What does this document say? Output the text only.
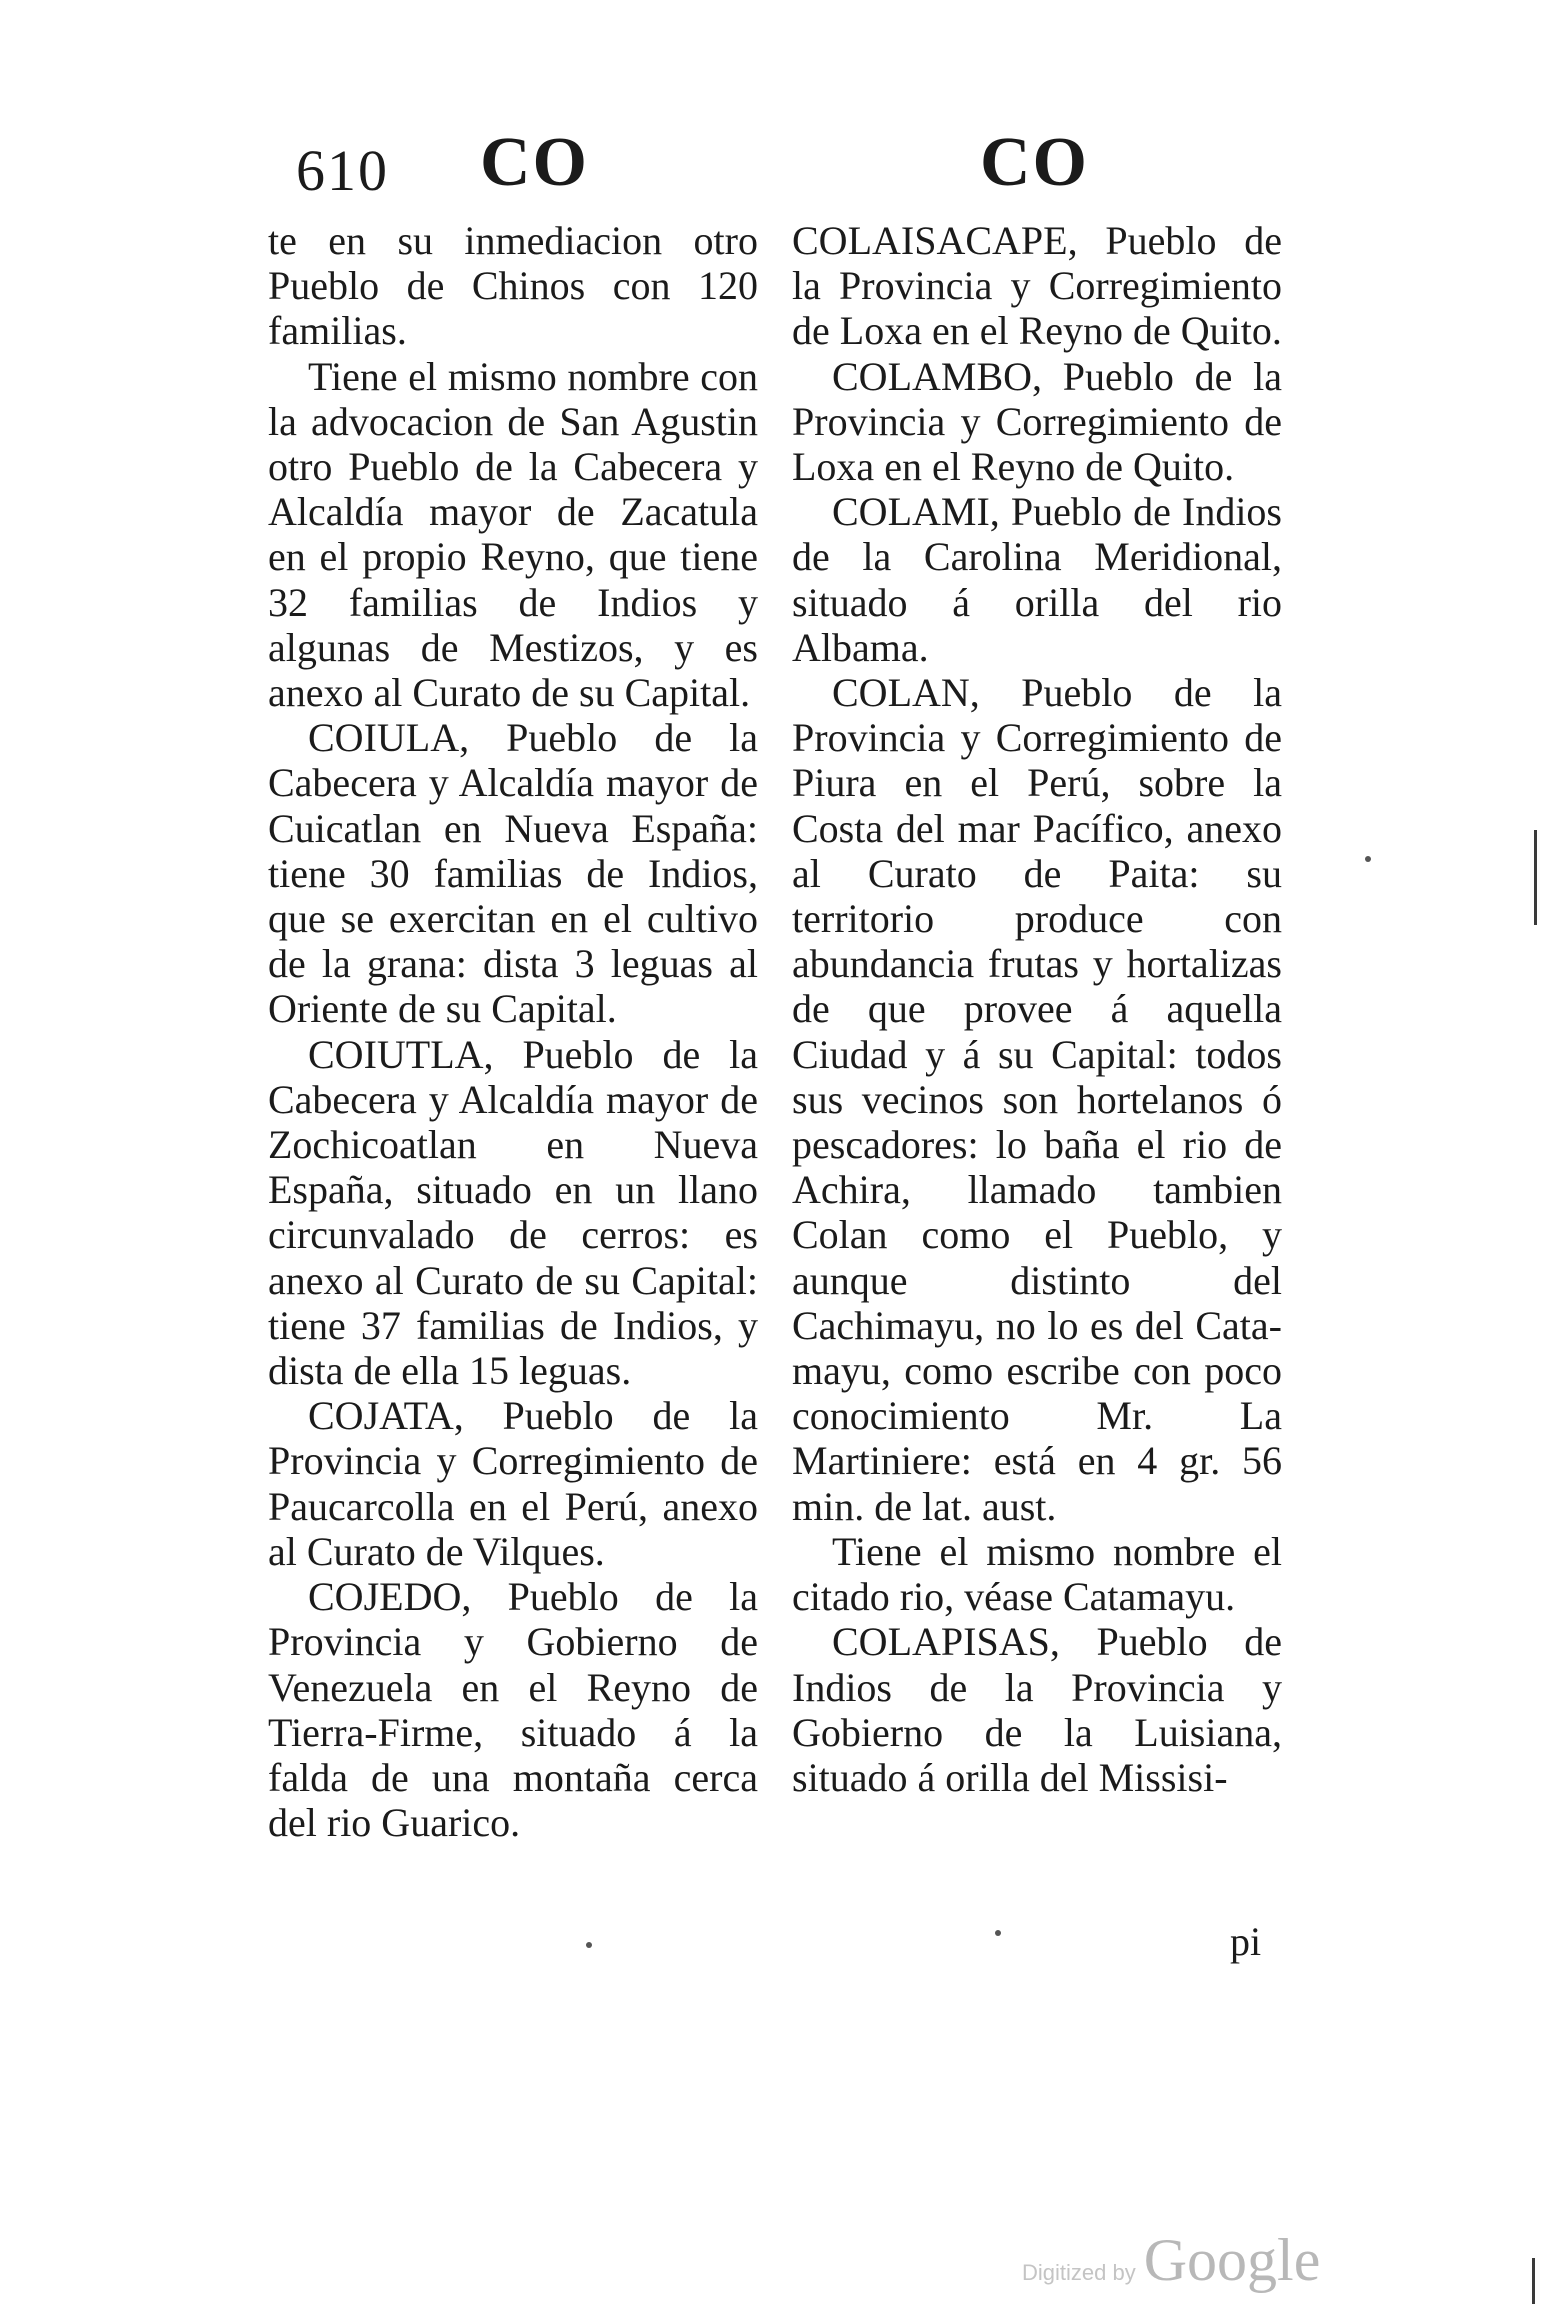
610 CO	CO

te en su inmediacion otro Pueblo de Chinos con 120 familias.

Tiene el mismo nombre con la advocacion de San Agustin otro Pueblo de la Cabecera y Alcaldía mayor de Zacatula en el propio Reyno, que tiene 32 familias de Indios y algunas de Mestizos, y es anexo al Curato de su Capital.

COIULA, Pueblo de la Cabecera y Alcaldía mayor de Cuicatlan en Nueva España: tiene 30 familias de Indios, que se exercitan en el cultivo de la grana: dista 3 leguas al Oriente de su Capital.

COIUTLA, Pueblo de la Cabecera y Alcaldía mayor de Zochicoatlan en Nueva España, situado en un llano circunvalado de cerros: es anexo al Curato de su Capital: tiene 37 familias de Indios, y dista de ella 15 leguas.

COJATA, Pueblo de la Provincia y Corregimiento de Paucarcolla en el Perú, anexo al Curato de Vilques.

COJEDO, Pueblo de la Provincia y Gobierno de Venezuela en el Reyno de Tierra-Firme, situado á la falda de una montaña cerca del rio Guarico.

COLAISACAPE, Pueblo de la Provincia y Corregimiento de Loxa en el Reyno de Quito.

COLAMBO, Pueblo de la Provincia y Corregimiento de Loxa en el Reyno de Quito.

COLAMI, Pueblo de Indios de la Carolina Meridional, situado á orilla del rio Albama.

COLAN, Pueblo de la Provincia y Corregimiento de Piura en el Perú, sobre la Costa del mar Pacífico, anexo al Curato de Paita: su territorio produce con abundancia frutas y hortalizas de que provee á aquella Ciudad y á su Capital: todos sus vecinos son hortelanos ó pescadores: lo baña el rio de Achira, llamado tambien Colan como el Pueblo, y aunque distinto del Cachimayu, no lo es del Cata-mayu, como escribe con poco conocimiento Mr. La Martiniere: está en 4 gr. 56 min. de lat. aust.

Tiene el mismo nombre el citado rio, véase Catamayu.

COLAPISAS, Pueblo de Indios de la Provincia y Gobierno de la Luisiana, situado á orilla del Missisi-

pi
Digitized by Google
